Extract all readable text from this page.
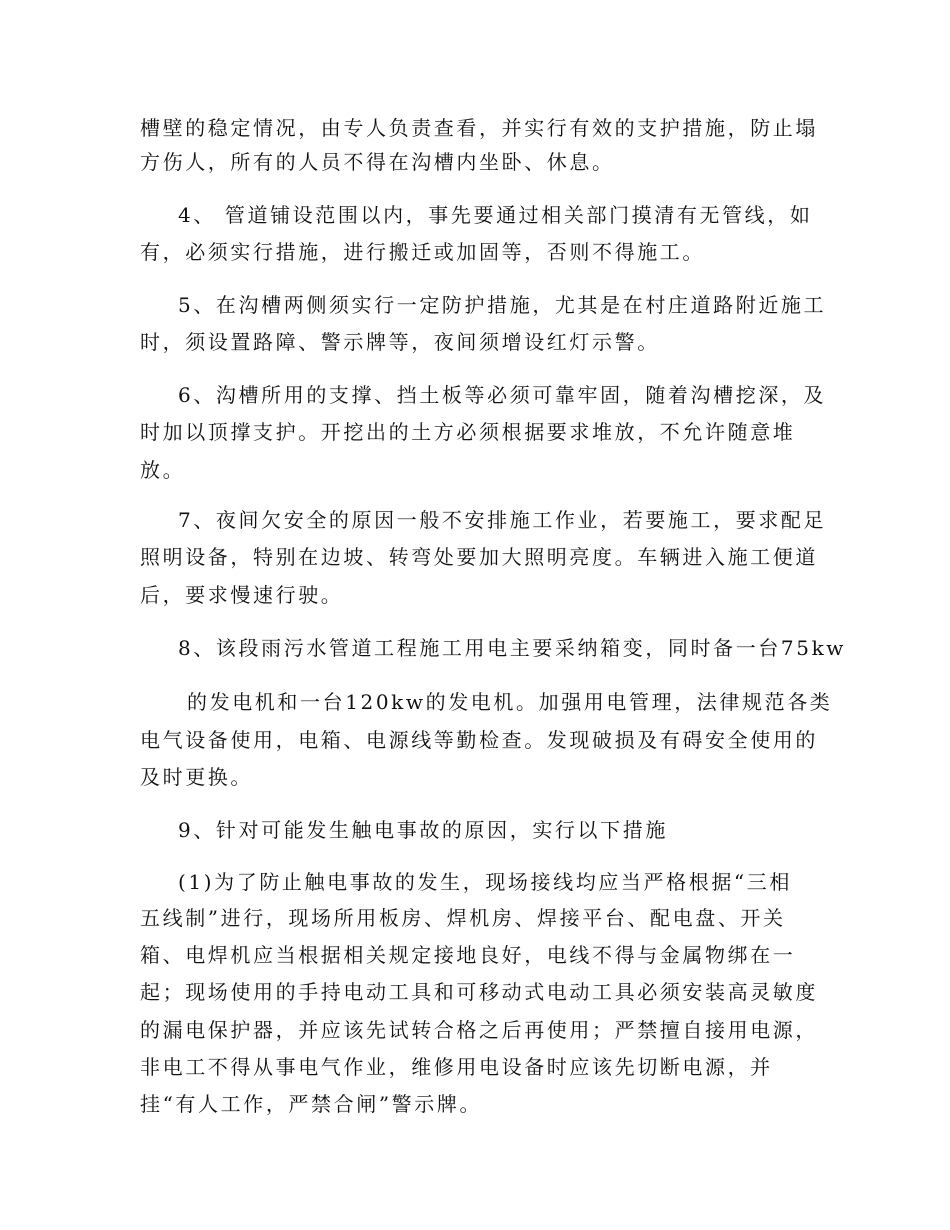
槽壁的稳定情况，由专人负责查看，并实行有效的支护措施，防止塌
方伤人，所有的人员不得在沟槽内坐卧、休息。
4、 管道铺设范围以内，事先要通过相关部门摸清有无管线，如
有，必须实行措施，进行搬迁或加固等，否则不得施工。
5、在沟槽两侧须实行一定防护措施，尤其是在村庄道路附近施工
时，须设置路障、警示牌等，夜间须增设红灯示警。
6、沟槽所用的支撑、挡土板等必须可靠牢固，随着沟槽挖深，及
时加以顶撑支护。开挖出的土方必须根据要求堆放，不允许随意堆
放。
7、夜间欠安全的原因一般不安排施工作业，若要施工，要求配足
照明设备，特别在边坡、转弯处要加大照明亮度。车辆进入施工便道
后，要求慢速行驶。
8、该段雨污水管道工程施工用电主要采纳箱变，同时备一台75kw
的发电机和一台120kw的发电机。加强用电管理，法律规范各类
电气设备使用，电箱、电源线等勤检查。发现破损及有碍安全使用的
及时更换。
9、针对可能发生触电事故的原因，实行以下措施
(1)为了防止触电事故的发生，现场接线均应当严格根据“三相
五线制”进行，现场所用板房、焊机房、焊接平台、配电盘、开关
箱、电焊机应当根据相关规定接地良好，电线不得与金属物绑在一
起；现场使用的手持电动工具和可移动式电动工具必须安装高灵敏度
的漏电保护器，并应该先试转合格之后再使用；严禁擅自接用电源，
非电工不得从事电气作业，维修用电设备时应该先切断电源，并
挂“有人工作，严禁合闸”警示牌。
